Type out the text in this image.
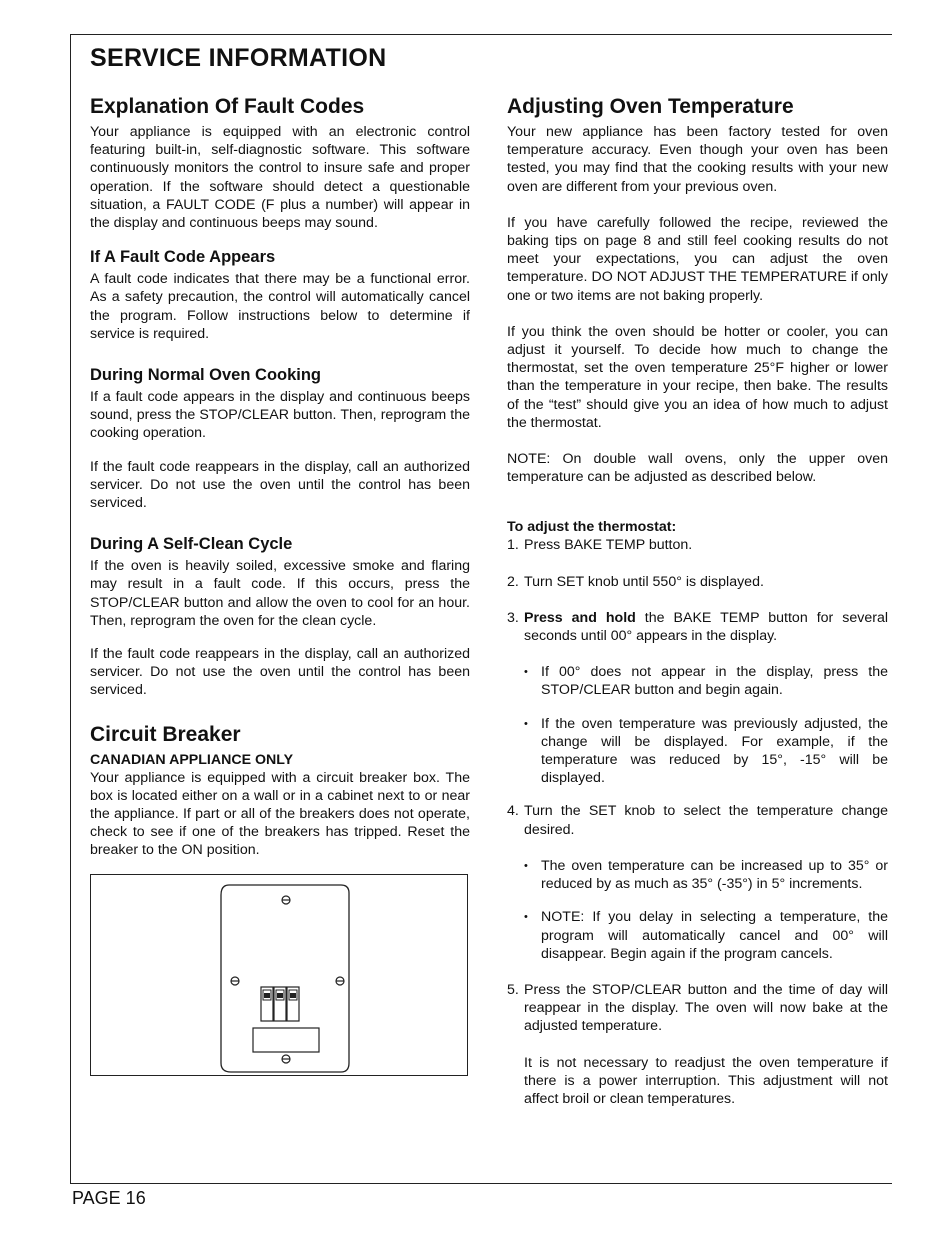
SERVICE INFORMATION
Explanation Of Fault Codes

Your appliance is equipped with an electronic control featuring built-in, self-diagnostic software. This software continuously monitors the control to insure safe and proper operation. If the software should detect a questionable situation, a FAULT CODE (F plus a number) will appear in the display and continuous beeps may sound.

If A Fault Code Appears

A fault code indicates that there may be a functional error. As a safety precaution, the control will automatically cancel the program. Follow instructions below to determine if service is required.

During Normal Oven Cooking

If a fault code appears in the display and continuous beeps sound, press the STOP/CLEAR button. Then, reprogram the cooking operation.

If the fault code reappears in the display, call an authorized servicer. Do not use the oven until the control has been serviced.

During A Self-Clean Cycle

If the oven is heavily soiled, excessive smoke and flaring may result in a fault code. If this occurs, press the STOP/CLEAR button and allow the oven to cool for an hour. Then, reprogram the oven for the clean cycle.

If the fault code reappears in the display, call an authorized servicer. Do not use the oven until the control has been serviced.

Circuit Breaker
CANADIAN APPLIANCE ONLY

Your appliance is equipped with a circuit breaker box. The box is located either on a wall or in a cabinet next to or near the appliance. If part or all of the breakers does not operate, check to see if one of the breakers has tripped. Reset the breaker to the ON position.

Adjusting Oven Temperature

Your new appliance has been factory tested for oven temperature accuracy. Even though your oven has been tested, you may find that the cooking results with your new oven are different from your previous oven.

If you have carefully followed the recipe, reviewed the baking tips on page 8 and still feel cooking results do not meet your expectations, you can adjust the oven temperature. DO NOT ADJUST THE TEMPERATURE if only one or two items are not baking properly.

If you think the oven should be hotter or cooler, you can adjust it yourself. To decide how much to change the thermostat, set the oven temperature 25°F higher or lower than the temperature in your recipe, then bake. The results of the “test” should give you an idea of how much to adjust the thermostat.

NOTE: On double wall ovens, only the upper oven temperature can be adjusted as described below.

To adjust the thermostat:
1. Press BAKE TEMP button.
2. Turn SET knob until 550° is displayed.
3. Press and hold the BAKE TEMP button for several seconds until 00° appears in the display.
• If 00° does not appear in the display, press the STOP/CLEAR button and begin again.
• If the oven temperature was previously adjusted, the change will be displayed. For example, if the temperature was reduced by 15°, -15° will be displayed.
4. Turn the SET knob to select the temperature change desired.
• The oven temperature can be increased up to 35° or reduced by as much as 35° (-35°) in 5° increments.
• NOTE: If you delay in selecting a temperature, the program will automatically cancel and 00° will disappear. Begin again if the program cancels.
5. Press the STOP/CLEAR button and the time of day will reappear in the display. The oven will now bake at the adjusted temperature.
It is not necessary to readjust the oven temperature if there is a power interruption. This adjustment will not affect broil or clean temperatures.

PAGE 16
